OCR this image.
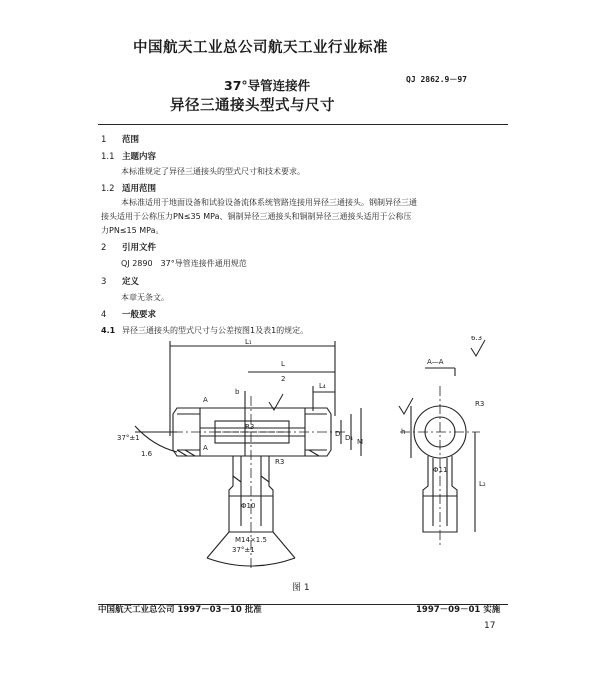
中国航天工业总公司航天工业行业标准
37°导管连接件
异径三通接头型式与尺寸
QJ 2862.9－97
1 范围
1.1 主题内容
本标准规定了异径三通接头的型式尺寸和技术要求。
1.2 适用范围
本标准适用于地面设备和试验设备流体系统管路连接用异径三通接头。钢制异径三通
接头适用于公称压力PN≤35 MPa、铜制异径三通接头和铜制异径三通接头适用于公称压
力PN≤15 MPa。
2 引用文件
QJ 2890　37°导管连接件通用规范
3 定义
本章无条文。
4 一般要求
4.1 异径三通接头的型式尺寸与公差按图1及表1的规定。
L₁
L
2
L₄
b
D D₁ M
37°±1
37°±1
1.6
R3
R3
R3
Φ10
M14×1.5
Φ11
A
A
A—A
6.3
h
L₂
图 1
中国航天工业总公司 1997－03－10 批准	1997－09－01 实施
17
